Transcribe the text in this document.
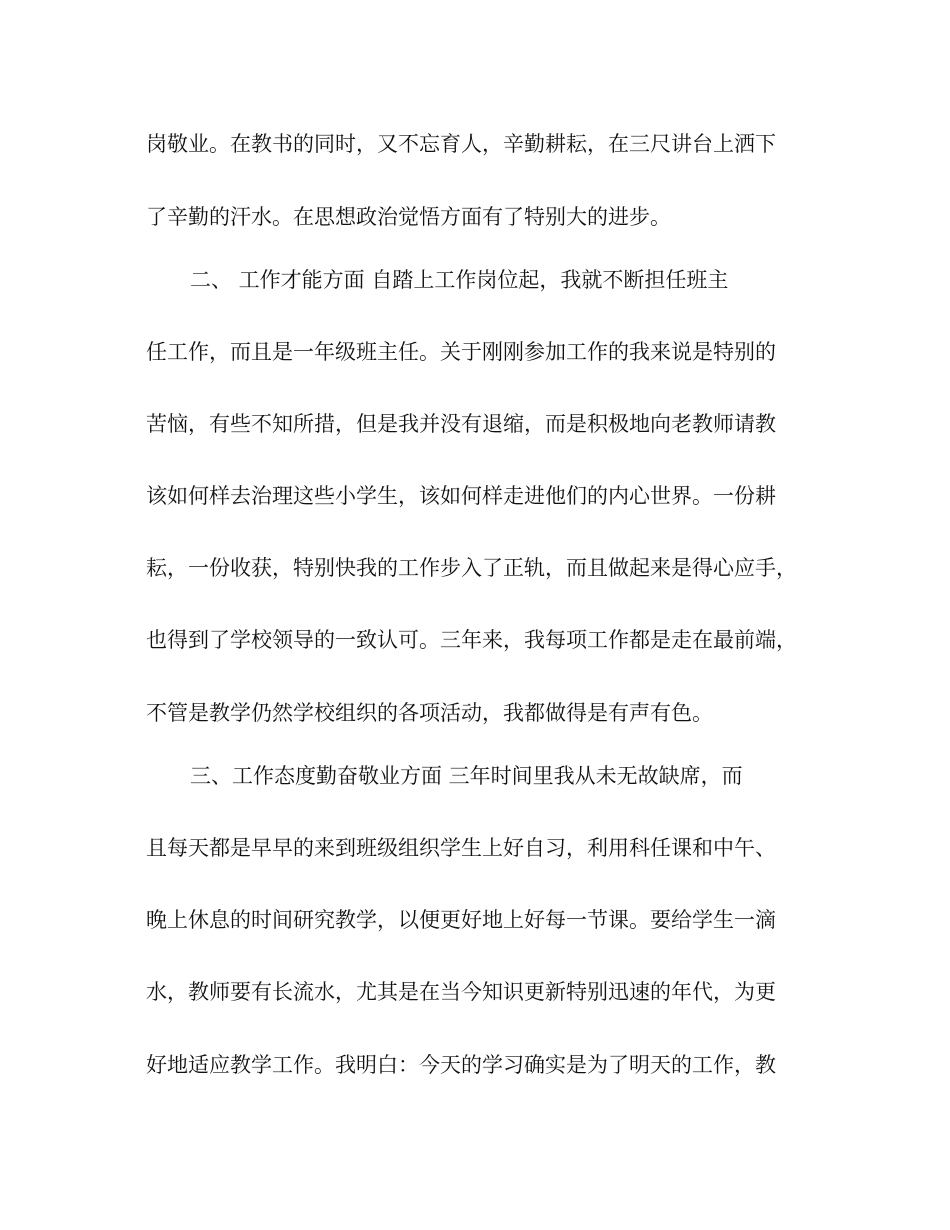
岗敬业。在教书的同时，又不忘育人，辛勤耕耘，在三尺讲台上洒下
了辛勤的汗水。在思想政治觉悟方面有了特别大的进步。
二、 工作才能方面 自踏上工作岗位起，我就不断担任班主
任工作，而且是一年级班主任。关于刚刚参加工作的我来说是特别的
苦恼，有些不知所措，但是我并没有退缩，而是积极地向老教师请教
该如何样去治理这些小学生，该如何样走进他们的内心世界。一份耕
耘，一份收获，特别快我的工作步入了正轨，而且做起来是得心应手，
也得到了学校领导的一致认可。三年来，我每项工作都是走在最前端，
不管是教学仍然学校组织的各项活动，我都做得是有声有色。
三、工作态度勤奋敬业方面 三年时间里我从未无故缺席，而
且每天都是早早的来到班级组织学生上好自习，利用科任课和中午、
晚上休息的时间研究教学，以便更好地上好每一节课。要给学生一滴
水，教师要有长流水，尤其是在当今知识更新特别迅速的年代，为更
好地适应教学工作。我明白：今天的学习确实是为了明天的工作，教
